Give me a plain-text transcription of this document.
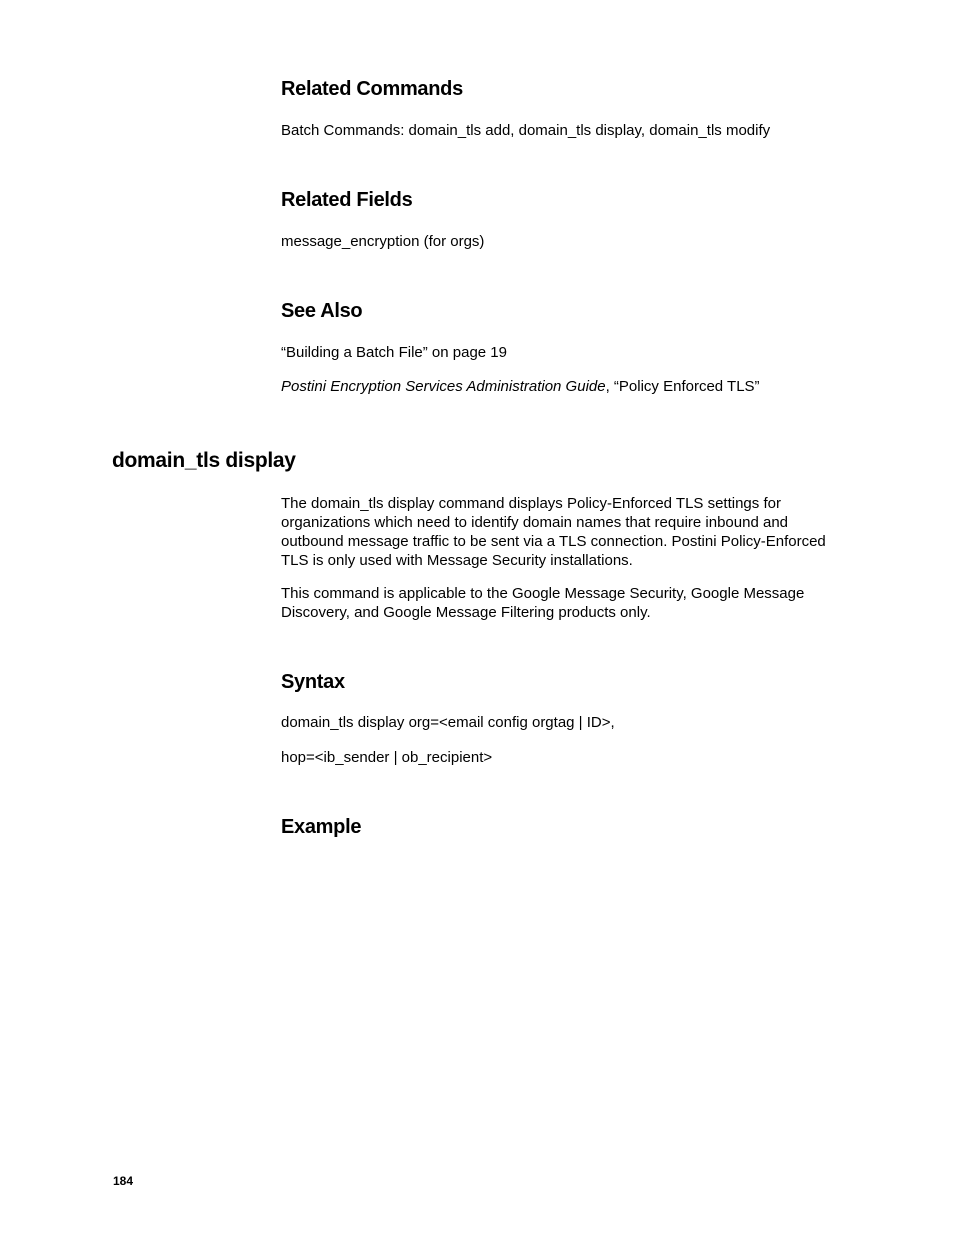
Related Commands
Batch Commands: domain_tls add, domain_tls display, domain_tls modify
Related Fields
message_encryption (for orgs)
See Also
“Building a Batch File” on page 19
Postini Encryption Services Administration Guide, “Policy Enforced TLS”
domain_tls display
The domain_tls display command displays Policy-Enforced TLS settings for organizations which need to identify domain names that require inbound and outbound message traffic to be sent via a TLS connection. Postini Policy-Enforced TLS is only used with Message Security installations.
This command is applicable to the Google Message Security, Google Message Discovery, and Google Message Filtering products only.
Syntax
domain_tls display org=<email config orgtag | ID>,
hop=<ib_sender | ob_recipient>
Example
184
